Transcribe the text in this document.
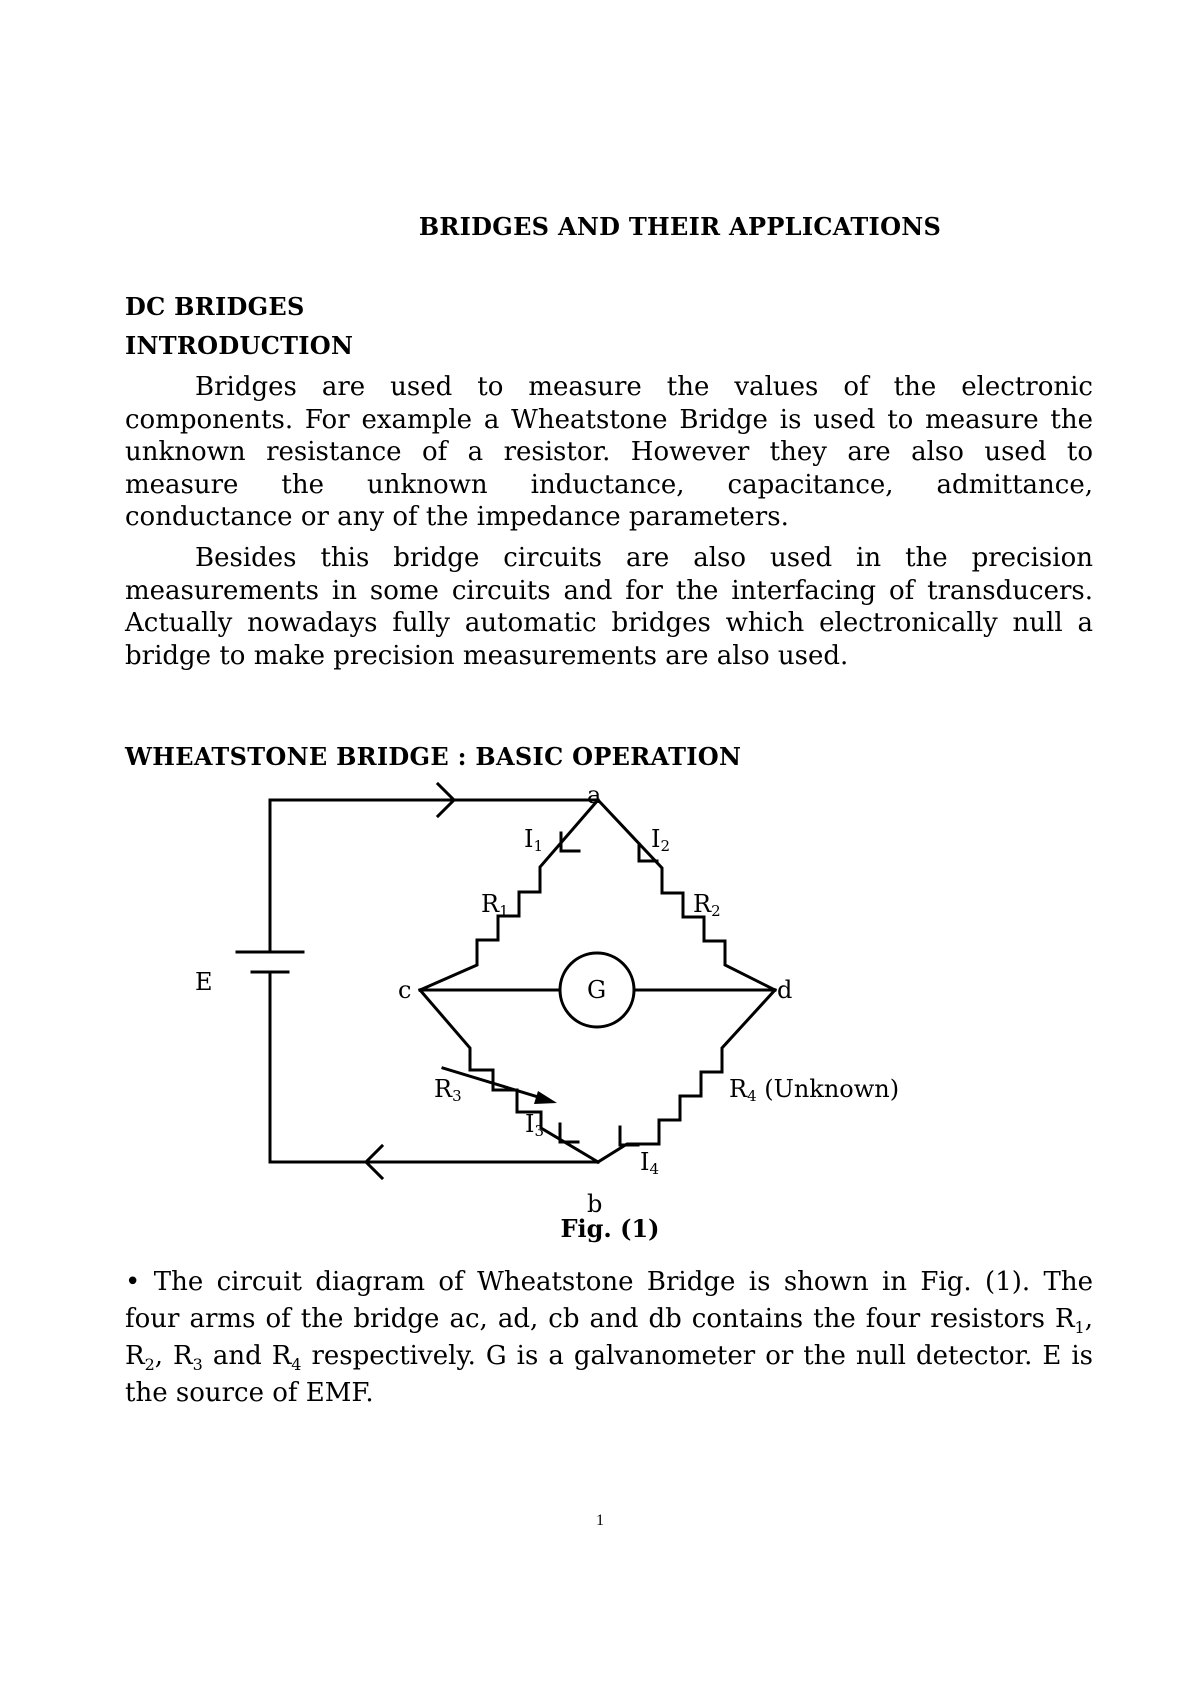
BRIDGES AND THEIR APPLICATIONS
DC BRIDGES
INTRODUCTION

Bridges are used to measure the values of the electronic components. For example a Wheatstone Bridge is used to measure the unknown resistance of a resistor. However they are also used to measure the unknown inductance, capacitance, admittance, conductance or any of the impedance parameters.

Besides this bridge circuits are also used in the precision measurements in some circuits and for the interfacing of transducers. Actually nowadays fully automatic bridges which electronically null a bridge to make precision measurements are also used.

WHEATSTONE BRIDGE : BASIC OPERATION
a
b
c	d
E	G
I1	I2
I3
I4
R1	R2
R3	R4 (Unknown)
Fig. (1)

• The circuit diagram of Wheatstone Bridge is shown in Fig. (1). The four arms of the bridge ac, ad, cb and db contains the four resistors $R_1$, $R_2$, $R_3$ and $R_4$ respectively. G is a galvanometer or the null detector. E is the source of EMF.

1
